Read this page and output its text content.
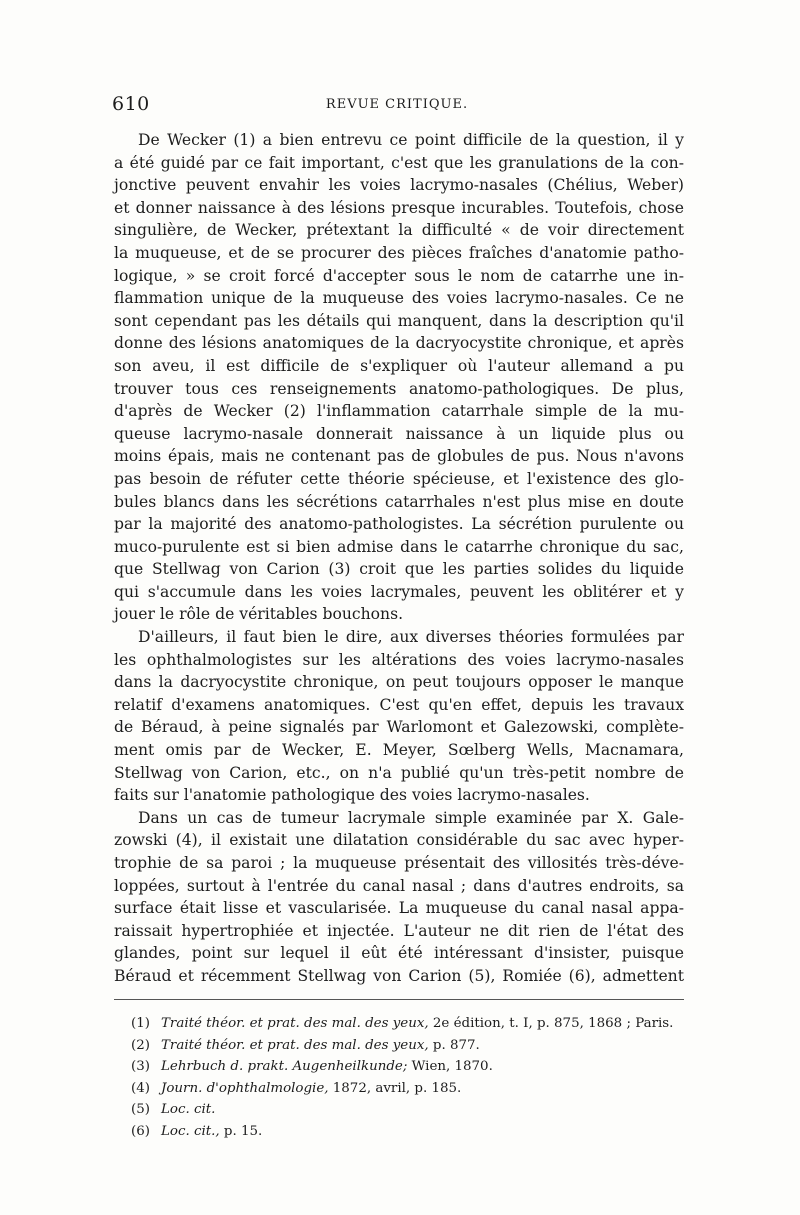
610	REVUE CRITIQUE.
De Wecker (1) a bien entrevu ce point difficile de la question, il y
a été guidé par ce fait important, c'est que les granulations de la con-
jonctive peuvent envahir les voies lacrymo-nasales (Chélius, Weber)
et donner naissance à des lésions presque incurables. Toutefois, chose
singulière, de Wecker, prétextant la difficulté « de voir directement
la muqueuse, et de se procurer des pièces fraîches d'anatomie patho-
logique, » se croit forcé d'accepter sous le nom de catarrhe une in-
flammation unique de la muqueuse des voies lacrymo-nasales. Ce ne
sont cependant pas les détails qui manquent, dans la description qu'il
donne des lésions anatomiques de la dacryocystite chronique, et après
son aveu, il est difficile de s'expliquer où l'auteur allemand a pu
trouver tous ces renseignements anatomo-pathologiques. De plus,
d'après de Wecker (2) l'inflammation catarrhale simple de la mu-
queuse lacrymo-nasale donnerait naissance à un liquide plus ou
moins épais, mais ne contenant pas de globules de pus. Nous n'avons
pas besoin de réfuter cette théorie spécieuse, et l'existence des glo-
bules blancs dans les sécrétions catarrhales n'est plus mise en doute
par la majorité des anatomo-pathologistes. La sécrétion purulente ou
muco-purulente est si bien admise dans le catarrhe chronique du sac,
que Stellwag von Carion (3) croit que les parties solides du liquide
qui s'accumule dans les voies lacrymales, peuvent les oblitérer et y
jouer le rôle de véritables bouchons.
D'ailleurs, il faut bien le dire, aux diverses théories formulées par
les ophthalmologistes sur les altérations des voies lacrymo-nasales
dans la dacryocystite chronique, on peut toujours opposer le manque
relatif d'examens anatomiques. C'est qu'en effet, depuis les travaux
de Béraud, à peine signalés par Warlomont et Galezowski, complète-
ment omis par de Wecker, E. Meyer, Sœlberg Wells, Macnamara,
Stellwag von Carion, etc., on n'a publié qu'un très-petit nombre de
faits sur l'anatomie pathologique des voies lacrymo-nasales.
Dans un cas de tumeur lacrymale simple examinée par X. Gale-
zowski (4), il existait une dilatation considérable du sac avec hyper-
trophie de sa paroi ; la muqueuse présentait des villosités très-déve-
loppées, surtout à l'entrée du canal nasal ; dans d'autres endroits, sa
surface était lisse et vascularisée. La muqueuse du canal nasal appa-
raissait hypertrophiée et injectée. L'auteur ne dit rien de l'état des
glandes, point sur lequel il eût été intéressant d'insister, puisque
Béraud et récemment Stellwag von Carion (5), Romiée (6), admettent
(1) Traité théor. et prat. des mal. des yeux, 2e édition, t. I, p. 875, 1868 ; Paris.
(2) Traité théor. et prat. des mal. des yeux, p. 877.
(3) Lehrbuch d. prakt. Augenheilkunde; Wien, 1870.
(4) Journ. d'ophthalmologie, 1872, avril, p. 185.
(5) Loc. cit.
(6) Loc. cit., p. 15.
